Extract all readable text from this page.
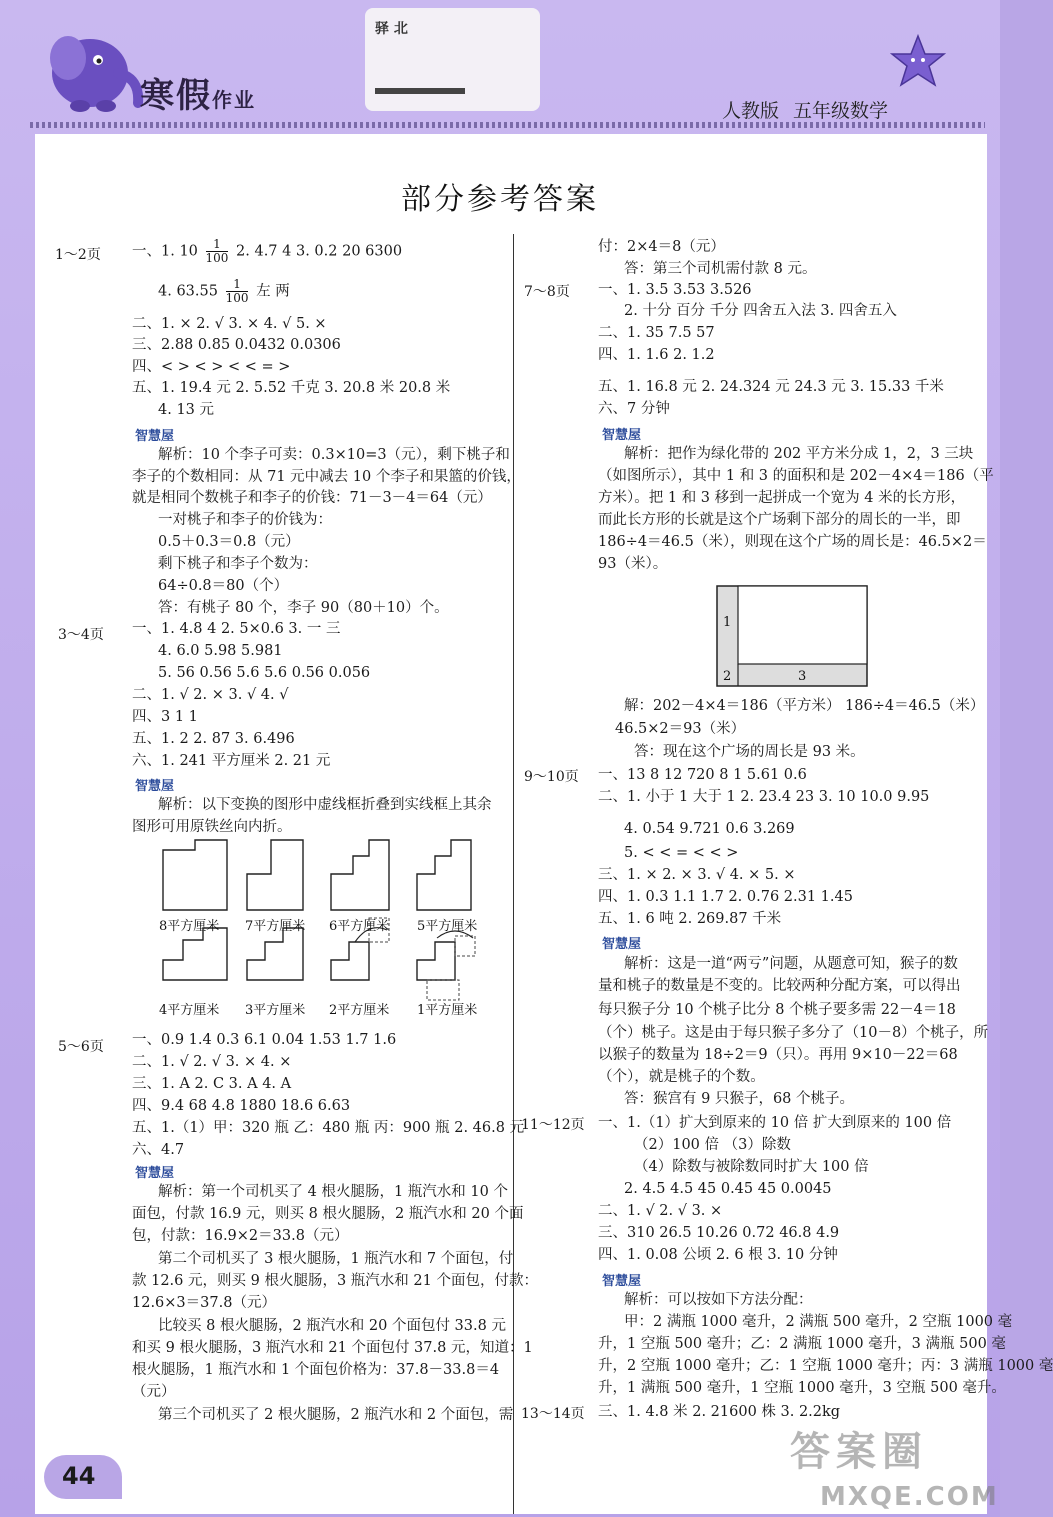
寒假作业
驿 北
人教版 五年级数学
部分参考答案
1～2页 一、1. $10 \frac{1}{100} 2$. 4.7 4 3. 0.2 20 6300
4. $63.55 \frac{1}{100}$ 左 两
二、1. × 2. √ 3. × 4. √ 5. ×
三、2.88 0.85 0.0432 0.0306
四、< > < > < < = >
五、1. 19.4 元 2. 5.52 千克 3. 20.8 米 20.8 米
4. 13 元
智慧屋
解析：10 个李子可卖：0.3×10=3（元），剩下桃子和
李子的个数相同：从 71 元中减去 10 个李子和果篮的价钱，
就是相同个数桃子和李子的价钱：71－3－4＝64（元）
一对桃子和李子的价钱为：
0.5＋0.3＝0.8（元）
剩下桃子和李子个数为：
64÷0.8＝80（个）
答：有桃子 80 个，李子 90（80＋10）个。
3～4页 一、1. 4.8 4 2. 5×0.6 3. 一 三
4. 6.0 5.98 5.981
5. 56 0.56 5.6 5.6 0.56 0.056
二、1. √ 2. × 3. √ 4. √
四、3 1 1
五、1. 2 2. 87 3. 6.496
六、1. 241 平方厘米 2. 21 元
智慧屋
解析：以下变换的图形中虚线框折叠到实线框上其余
图形可用原铁丝向内折。
8平方厘米 7平方厘米 6平方厘米 5平方厘米
4平方厘米 3平方厘米 2平方厘米 1平方厘米
5～6页 一、0.9 1.4 0.3 6.1 0.04 1.53 1.7 1.6
二、1. √ 2. √ 3. × 4. ×
三、1. A 2. C 3. A 4. A
四、9.4 68 4.8 1880 18.6 6.63
五、1.（1）甲：320 瓶 乙：480 瓶 丙：900 瓶 2. 46.8 元
六、4.7
智慧屋
解析：第一个司机买了 4 根火腿肠，1 瓶汽水和 10 个
面包，付款 16.9 元，则买 8 根火腿肠，2 瓶汽水和 20 个面
包，付款：16.9×2＝33.8（元）
第二个司机买了 3 根火腿肠，1 瓶汽水和 7 个面包，付
款 12.6 元，则买 9 根火腿肠，3 瓶汽水和 21 个面包，付款：
12.6×3＝37.8（元）
比较买 8 根火腿肠，2 瓶汽水和 20 个面包付 33.8 元
和买 9 根火腿肠，3 瓶汽水和 21 个面包付 37.8 元，知道：1
根火腿肠，1 瓶汽水和 1 个面包价格为：37.8－33.8＝4
（元）
第三个司机买了 2 根火腿肠，2 瓶汽水和 2 个面包，需
付：2×4＝8（元）
答：第三个司机需付款 8 元。
7～8页 一、1. 3.5 3.53 3.526
2. 十分 百分 千分 四舍五入法 3. 四舍五入
二、1. 35 7.5 57
四、1. 1.6 2. 1.2
五、1. 16.8 元 2. 24.324 元 24.3 元 3. 15.33 千米
六、7 分钟
智慧屋
解析：把作为绿化带的 202 平方米分成 1，2，3 三块
（如图所示），其中 1 和 3 的面积和是 202－4×4＝186（平
方米）。把 1 和 3 移到一起拼成一个宽为 4 米的长方形，
而此长方形的长就是这个广场剩下部分的周长的一半，即
186÷4＝46.5（米），则现在这个广场的周长是：46.5×2＝
93（米）。
1
2	3
解：202－4×4＝186（平方米） 186÷4＝46.5（米）
46.5×2＝93（米）
答：现在这个广场的周长是 93 米。
9～10页 一、13 8 12 720 8 1 5.61 0.6
二、1. 小于 1 大于 1 2. 23.4 23 3. 10 10.0 9.95
4. 0.54 9.721 0.6 3.269
5. < < = < < >
三、1. × 2. × 3. √ 4. × 5. ×
四、1. 0.3 1.1 1.7 2. 0.76 2.31 1.45
五、1. 6 吨 2. 269.87 千米
智慧屋
解析：这是一道“两亏”问题，从题意可知，猴子的数
量和桃子的数量是不变的。比较两种分配方案，可以得出
每只猴子分 10 个桃子比分 8 个桃子要多需 22－4＝18
（个）桃子。这是由于每只猴子多分了（10－8）个桃子，所
以猴子的数量为 18÷2＝9（只）。再用 9×10－22＝68
（个），就是桃子的个数。
答：猴宫有 9 只猴子，68 个桃子。
11～12页 一、1.（1）扩大到原来的 10 倍 扩大到原来的 100 倍
（2）100 倍 （3）除数
（4）除数与被除数同时扩大 100 倍
2. 4.5 4.5 45 0.45 45 0.0045
二、1. √ 2. √ 3. ×
三、310 26.5 10.26 0.72 46.8 4.9
四、1. 0.08 公顷 2. 6 根 3. 10 分钟
智慧屋
解析：可以按如下方法分配：
甲：2 满瓶 1000 毫升，2 满瓶 500 毫升，2 空瓶 1000 毫
升，1 空瓶 500 毫升；乙：2 满瓶 1000 毫升，3 满瓶 500 毫
升，2 空瓶 1000 毫升；乙：1 空瓶 1000 毫升；丙：3 满瓶 1000 毫
升，1 满瓶 500 毫升，1 空瓶 1000 毫升，3 空瓶 500 毫升。
13～14页 三、1. 4.8 米 2. 21600 株 3. 2.2kg
44
答案圈
MXQE.COM
